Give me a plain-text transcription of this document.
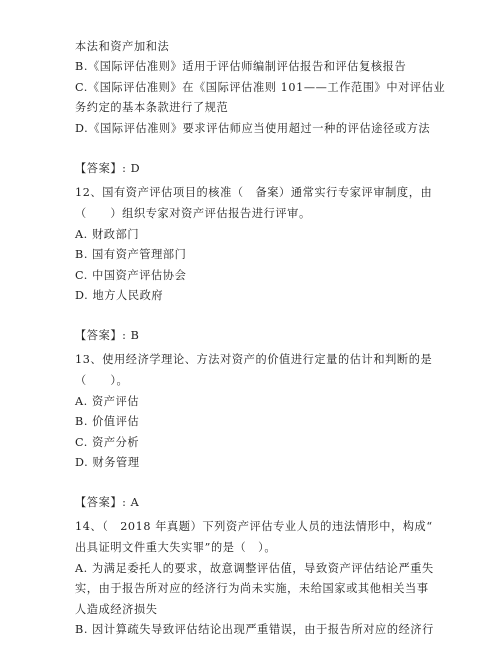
本法和资产加和法
B.《国际评估准则》适用于评估师编制评估报告和评估复核报告
C.《国际评估准则》在《国际评估准则 101——工作范围》中对评估业
务约定的基本条款进行了规范
D.《国际评估准则》要求评估师应当使用超过一种的评估途径或方法
【答案】: D
12、国有资产评估项目的核准（　备案）通常实行专家评审制度，由
（　　）组织专家对资产评估报告进行评审。
A. 财政部门
B. 国有资产管理部门
C. 中国资产评估协会
D. 地方人民政府
【答案】: B
13、使用经济学理论、方法对资产的价值进行定量的估计和判断的是
（　　）。
A. 资产评估
B. 价值评估
C. 资产分析
D. 财务管理
【答案】: A
14、（　2018 年真题）下列资产评估专业人员的违法情形中，构成“
出具证明文件重大失实罪”的是（　）。
A. 为满足委托人的要求，故意调整评估值，导致资产评估结论严重失
实，由于报告所对应的经济行为尚未实施，未给国家或其他相关当事
人造成经济损失
B. 因计算疏失导致评估结论出现严重错误，由于报告所对应的经济行
